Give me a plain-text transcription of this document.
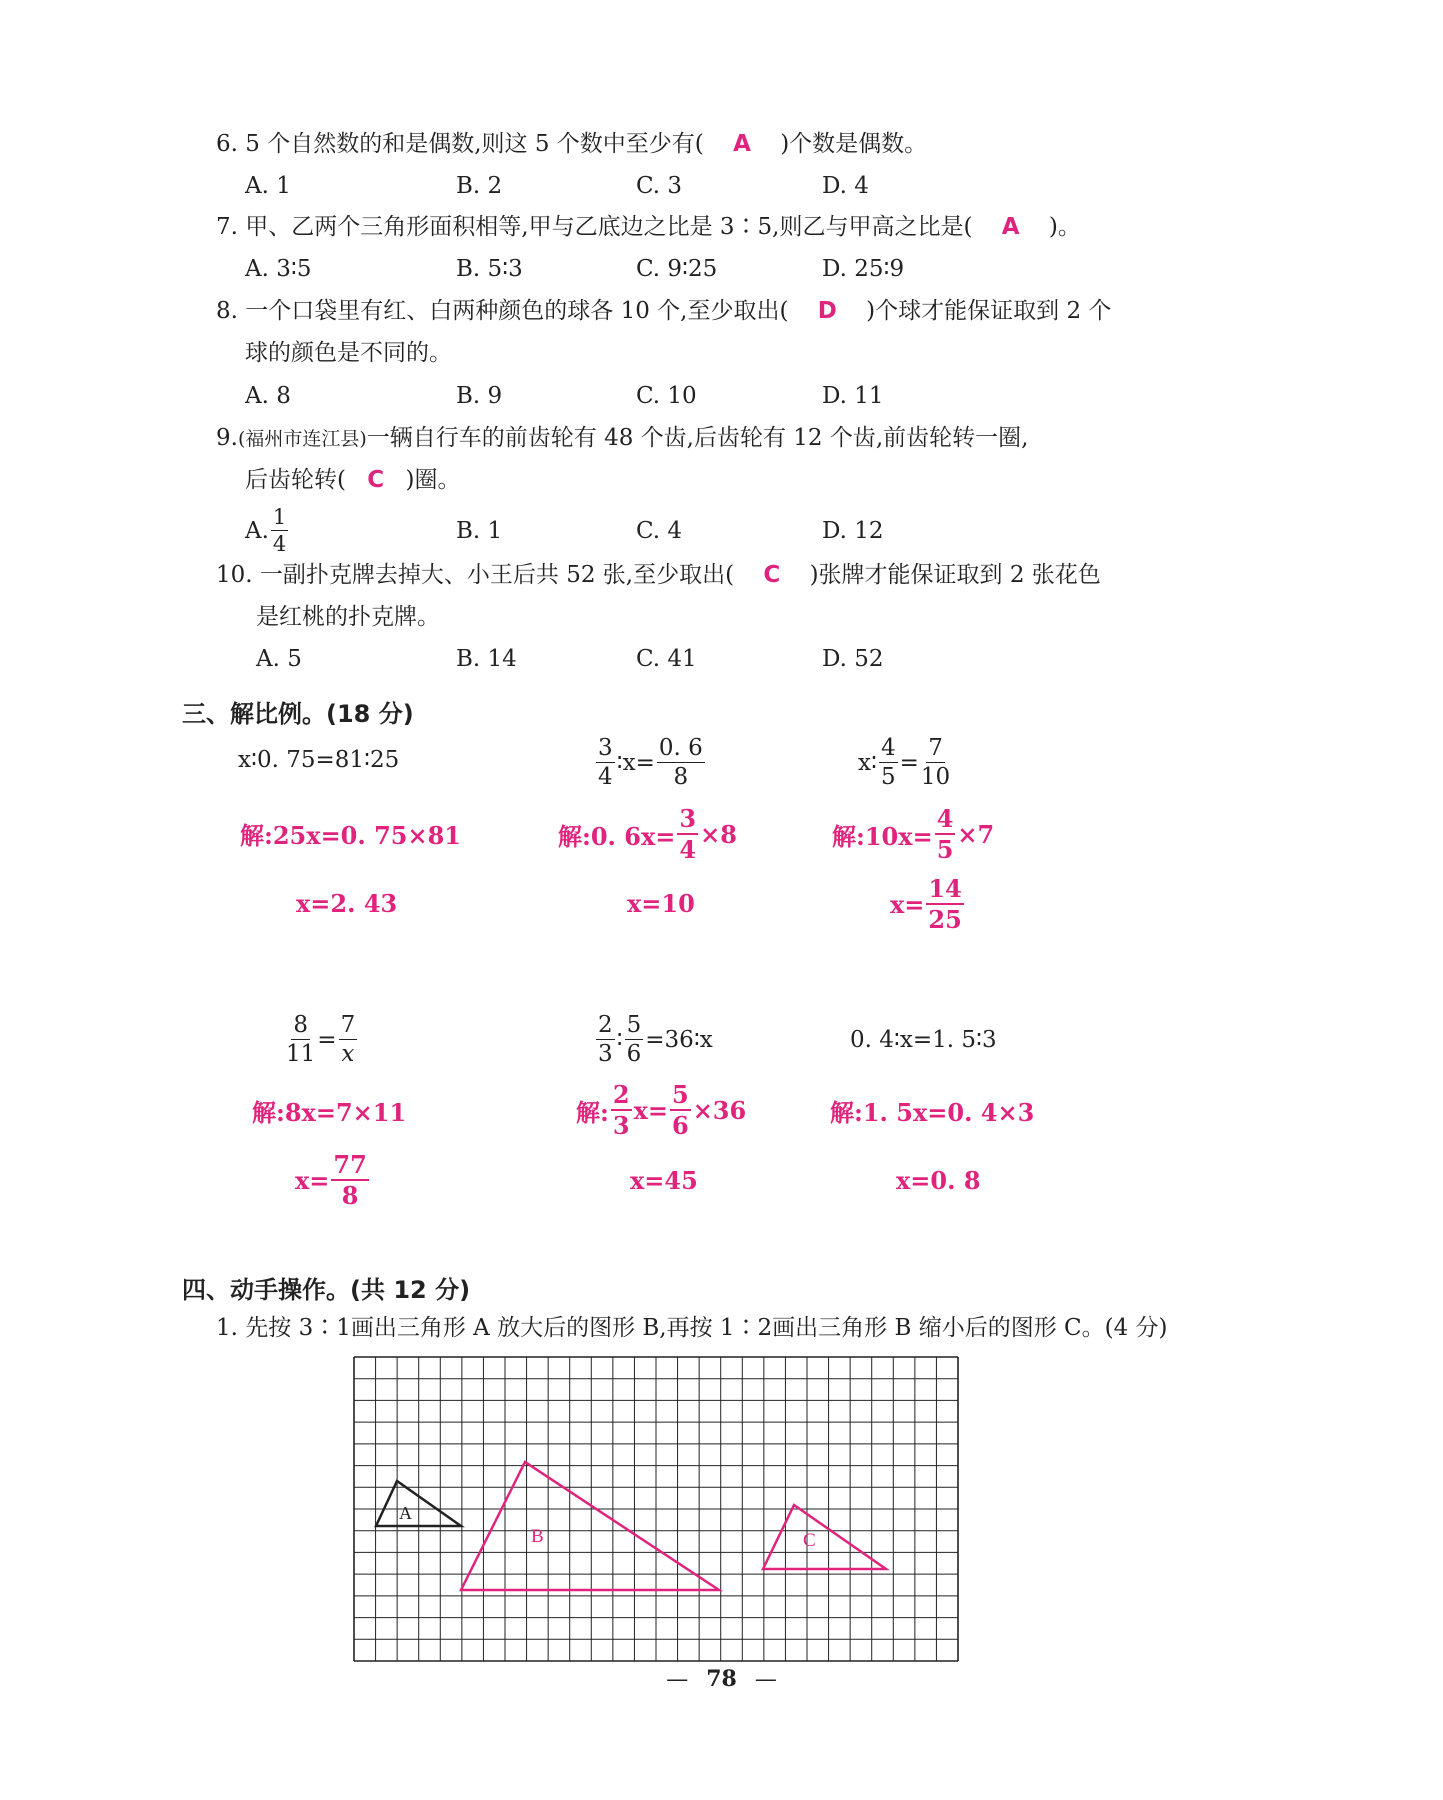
6. 5 个自然数的和是偶数,则这 5 个数中至少有( A )个数是偶数。
A. 1	B. 2	C. 3	D. 4
7. 甲、乙两个三角形面积相等,甲与乙底边之比是 3∶5,则乙与甲高之比是( A )。
A. 3∶5	B. 5∶3	C. 9∶25	D. 25∶9
8. 一个口袋里有红、白两种颜色的球各 10 个,至少取出( D )个球才能保证取到 2 个
球的颜色是不同的。
A. 8	B. 9	C. 10	D. 11
9.(福州市连江县)一辆自行车的前齿轮有 48 个齿,后齿轮有 12 个齿,前齿轮转一圈,
后齿轮转( C )圈。
A. $\frac{1}{4}$	B. 1	C. 4	D. 12
10. 一副扑克牌去掉大、小王后共 52 张,至少取出( C )张牌才能保证取到 2 张花色
是红桃的扑克牌。
A. 5	B. 14	C. 41	D. 52
三、解比例。(18 分)
x∶0. 75=81∶25
解:25x=0. 75×81
x=2. 43
$\frac{3}{4}$ ∶x= $\frac{0. 6}{8}$
解:0. $6x= \frac{3}{4} \times 8$
x=10
x∶ $\frac{4}{5} = \frac{7}{10}$
解:10x= $\frac{4}{5} \times 7$
$x= \frac{14}{25}$
$\frac{8}{11} = \frac{7}{x}$
解:8x=7×11
$x= \frac{77}{8}$
$\frac{2}{3}$ ∶ $\frac{5}{6}$ =36∶x
解: $\frac{2}{3} x= \frac{5}{6} \times 36$
x=45
0. 4∶x=1. 5∶3
解:1. 5x=0. 4×3
x=0. 8
四、动手操作。(共 12 分)
1. 先按 3∶1画出三角形 A 放大后的图形 B,再按 1∶2画出三角形 B 缩小后的图形 C。(4 分)
A
B	C
— 78 —
